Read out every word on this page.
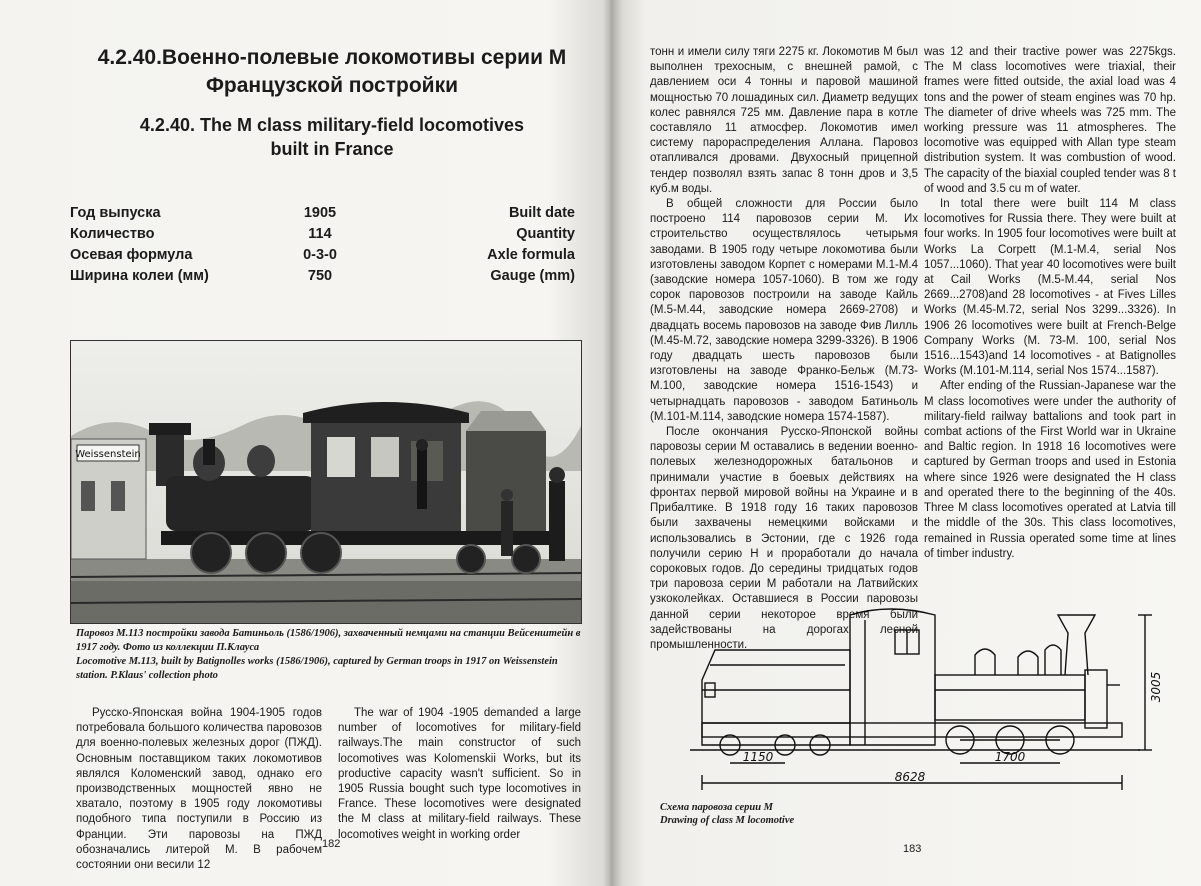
4.2.40.Военно-полевые локомотивы серии М
Французской постройки
4.2.40. The M class military-field locomotives
built in France
Год выпуска	1905	Built date
Количество	114	Quantity
Осевая формула	0-3-0	Axle formula
Ширина колеи (мм)	750	Gauge (mm)
Weissenstein
Паровоз М.113 постройки завода Батиньоль (1586/1906), захваченный немцами на станции Вейсенштейн в
1917 году. Фото из коллекции П.Клауса
Locomotive M.113, built by Batignolles works (1586/1906), captured by German troops in 1917 on Weissenstein
station. P.Klaus' collection photo

Русско-Японская война 1904-1905 годов потребовала большого количества паровозов для военно-полевых железных дорог (ПЖД). Основным поставщиком таких локомотивов являлся Коломенский завод, однако его производственных мощностей явно не хватало, поэтому в 1905 году локомотивы подобного типа поступили в Россию из Франции. Эти паровозы на ПЖД обозначались литерой М. В рабочем состоянии они весили 12

The war of 1904 -1905 demanded a large number of locomotives for military-field railways.The main constructor of such locomotives was Kolomenskii Works, but its productive capacity wasn't sufficient. So in 1905 Russia bought such type locomotives in France. These locomotives were designated the M class at military-field railways. These locomotives weight in working order

182

тонн и имели силу тяги 2275 кг. Локомотив М был выполнен трехосным, с внешней рамой, с давлением оси 4 тонны и паровой машиной мощностью 70 лошадиных сил. Диаметр ведущих колес равнялся 725 мм. Давление пара в котле составляло 11 атмосфер. Локомотив имел систему парораспределения Аллана. Паровоз отапливался дровами. Двухосный прицепной тендер позволял взять запас 8 тонн дров и 3,5 куб.м воды.

В общей сложности для России было построено 114 паровозов серии М. Их строительство осуществлялось четырьмя заводами. В 1905 году четыре локомотива были изготовлены заводом Корпет с номерами М.1-М.4 (заводские номера 1057-1060). В том же году сорок паровозов построили на заводе Кайль (М.5-М.44, заводские номера 2669-2708) и двадцать восемь паровозов на заводе Фив Лилль (М.45-М.72, заводские номера 3299-3326). В 1906 году двадцать шесть паровозов были изготовлены на заводе Франко-Бельж (М.73-М.100, заводские номера 1516-1543) и четырнадцать паровозов - заводом Батиньоль (М.101-М.114, заводские номера 1574-1587).

После окончания Русско-Японской войны паровозы серии М оставались в ведении военно-полевых железнодорожных батальонов и принимали участие в боевых действиях на фронтах первой мировой войны на Украине и в Прибалтике. В 1918 году 16 таких паровозов были захвачены немецкими войсками и использовались в Эстонии, где с 1926 года получили серию Н и проработали до начала сороковых годов. До середины тридцатых годов три паровоза серии М работали на Латвийских узкоколейках. Оставшиеся в России паровозы данной серии некоторое время были задействованы на дорогах лесной промышленности.

was 12 and their tractive power was 2275kgs. The M class locomotives were triaxial, their frames were fitted outside, the axial load was 4 tons and the power of steam engines was 70 hp. The diameter of drive wheels was 725 mm. The working pressure was 11 atmospheres. The locomotive was equipped with Allan type steam distribution system. It was combustion of wood. The capacity of the biaxial coupled tender was 8 t of wood and 3.5 cu m of water.

In total there were built 114 M class locomotives for Russia there. They were built at four works. In 1905 four locomotives were built at Works La Corpett (M.1-M.4, serial Nos 1057...1060). That year 40 locomotives were built at Cail Works (M.5-M.44, serial Nos 2669...2708)and 28 locomotives - at Fives Lilles Works (M.45-M.72, serial Nos 3299...3326). In 1906 26 locomotives were built at French-Belge Company Works (M. 73-M. 100, serial Nos 1516...1543)and 14 locomotives - at Batignolles Works (M.101-M.114, serial Nos 1574...1587).

After ending of the Russian-Japanese war the M class locomotives were under the authority of military-field railway battalions and took part in combat actions of the First World war in Ukraine and Baltic region. In 1918 16 locomotives were captured by German troops and used in Estonia where since 1926 were designated the H class and operated there to the beginning of the 40s. Three M class locomotives operated at Latvia till the middle of the 30s. This class locomotives, remained in Russia operated some time at lines of timber industry.

183
1150	1700
8628
3005
Схема паровоза серии М
Drawing of class M locomotive
